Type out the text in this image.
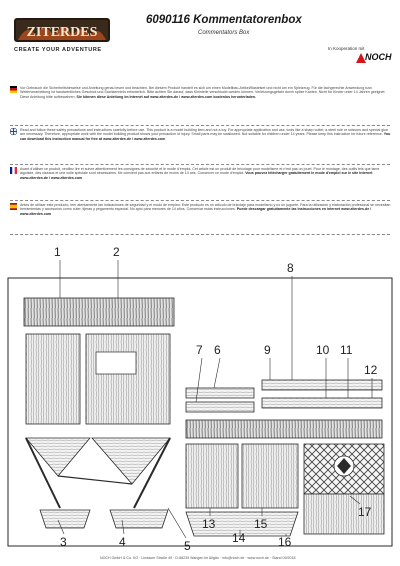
ZITERDES
CREATE YOUR ADVENTURE
6090116 Kommentatorenbox
Commentators Box
In Kooperation mit
NOCH
Vor Gebrauch die Sicherheitshinweise und Anleitung genau lesen und beachten. Bei diesem Produkt handelt es sich um einen Modellbau-Artikel/Bastelset und nicht um ein Spielzeug. Für die fachgerechte Anwendung bzw. Weiterverarbeitung ist handwerkliches Geschick und Sachkenntnis erforderlich. Bitte achten Sie darauf, dass Kleinteile verschluckt werden können. Verletzungsgefahr durch spitze Kanten. Nicht für Kinder unter 14 Jahren geeignet. Diese Anleitung bitte aufbewahren. Sie können diese Anleitung im Internet auf www.ziterdes.de / www.ziterdes.com kostenlos herunterladen.
Read and follow these safety precautions and instructions carefully before use. This product is a model building item and not a toy. For appropriate application and use, tools like a sharp cutter, a steel rule or scissors and special glue are necessary. Therefore, appropriate work with the model building product shows your precaution of injury. Small parts may be swallowed. Not suitable for children under 14 years. Please keep this instruction for future reference. You can download this instruction manual for free at www.ziterdes.de / www.ziterdes.com
Avant d'utiliser ce produit, veuillez lire et suivre attentivement les consignes de sécurité et le mode d'emploi. Cet article est un produit de bricolage pour modélisme et n'est pas un jouet. Pour le montage, des outils tels que lame aiguisée, des ciseaux et une colle spéciale sont nécessaires. Ne convient pas aux enfants de moins de 14 ans. Conserver ce mode d'emploi. Vous pouvez télécharger gratuitement le mode d'emploi sur le site internet www.ziterdes.de / www.ziterdes.com
Antes de utilizar este producto, leer atentamente las indicaciones de seguridad y el modo de empleo. Este producto es un artículo de bricolaje para modelismo y no un juguete. Para la utilización y elaboración profesional se necesitan herramientas y accesorios como cúter, tijeras y pegamento especial. No apto para menores de 14 años. Conservar estas instrucciones. Puede descargar gratuitamente las instrucciones en internet www.ziterdes.de / www.ziterdes.com
1	2
3	4	5
6
7
8
9	10 11
12
13
14
15
16
17
NOCH GmbH & Co. KG · Lindauer Straße 49 · D-88239 Wangen im Allgäu · info@noch.de · www.noch.de · Stand 09/2018
